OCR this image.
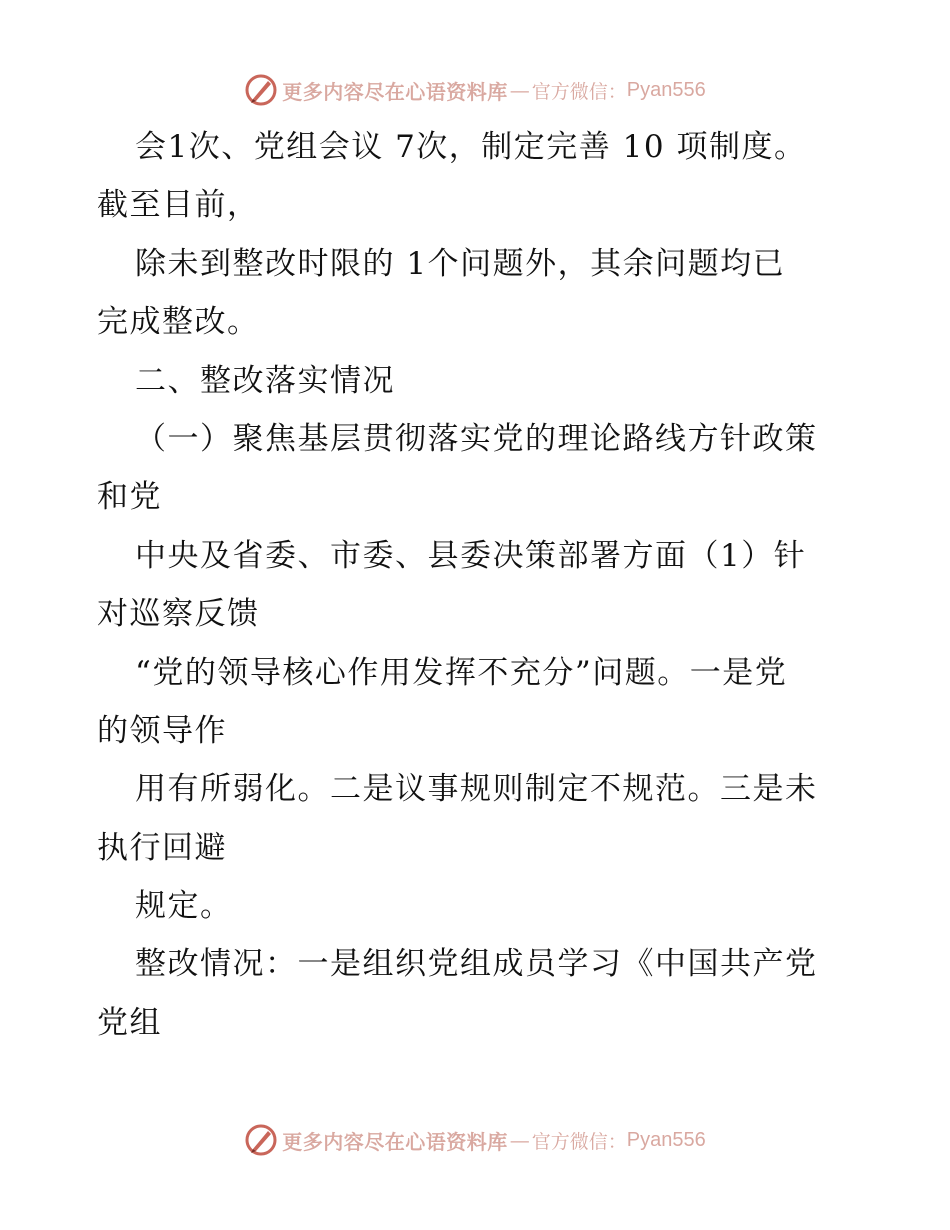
更多内容尽在心语资料库 — 官方微信： Pyan556
会1次、党组会议 7次，制定完善 10 项制度。
截至目前，
除未到整改时限的 1个问题外，其余问题均已
完成整改。
二、整改落实情况
（一）聚焦基层贯彻落实党的理论路线方针政策
和党
中央及省委、市委、县委决策部署方面（1）针
对巡察反馈
“党的领导核心作用发挥不充分”问题。一是党
的领导作
用有所弱化。二是议事规则制定不规范。三是未
执行回避
规定。
整改情况：一是组织党组成员学习《中国共产党
党组
更多内容尽在心语资料库 — 官方微信： Pyan556
